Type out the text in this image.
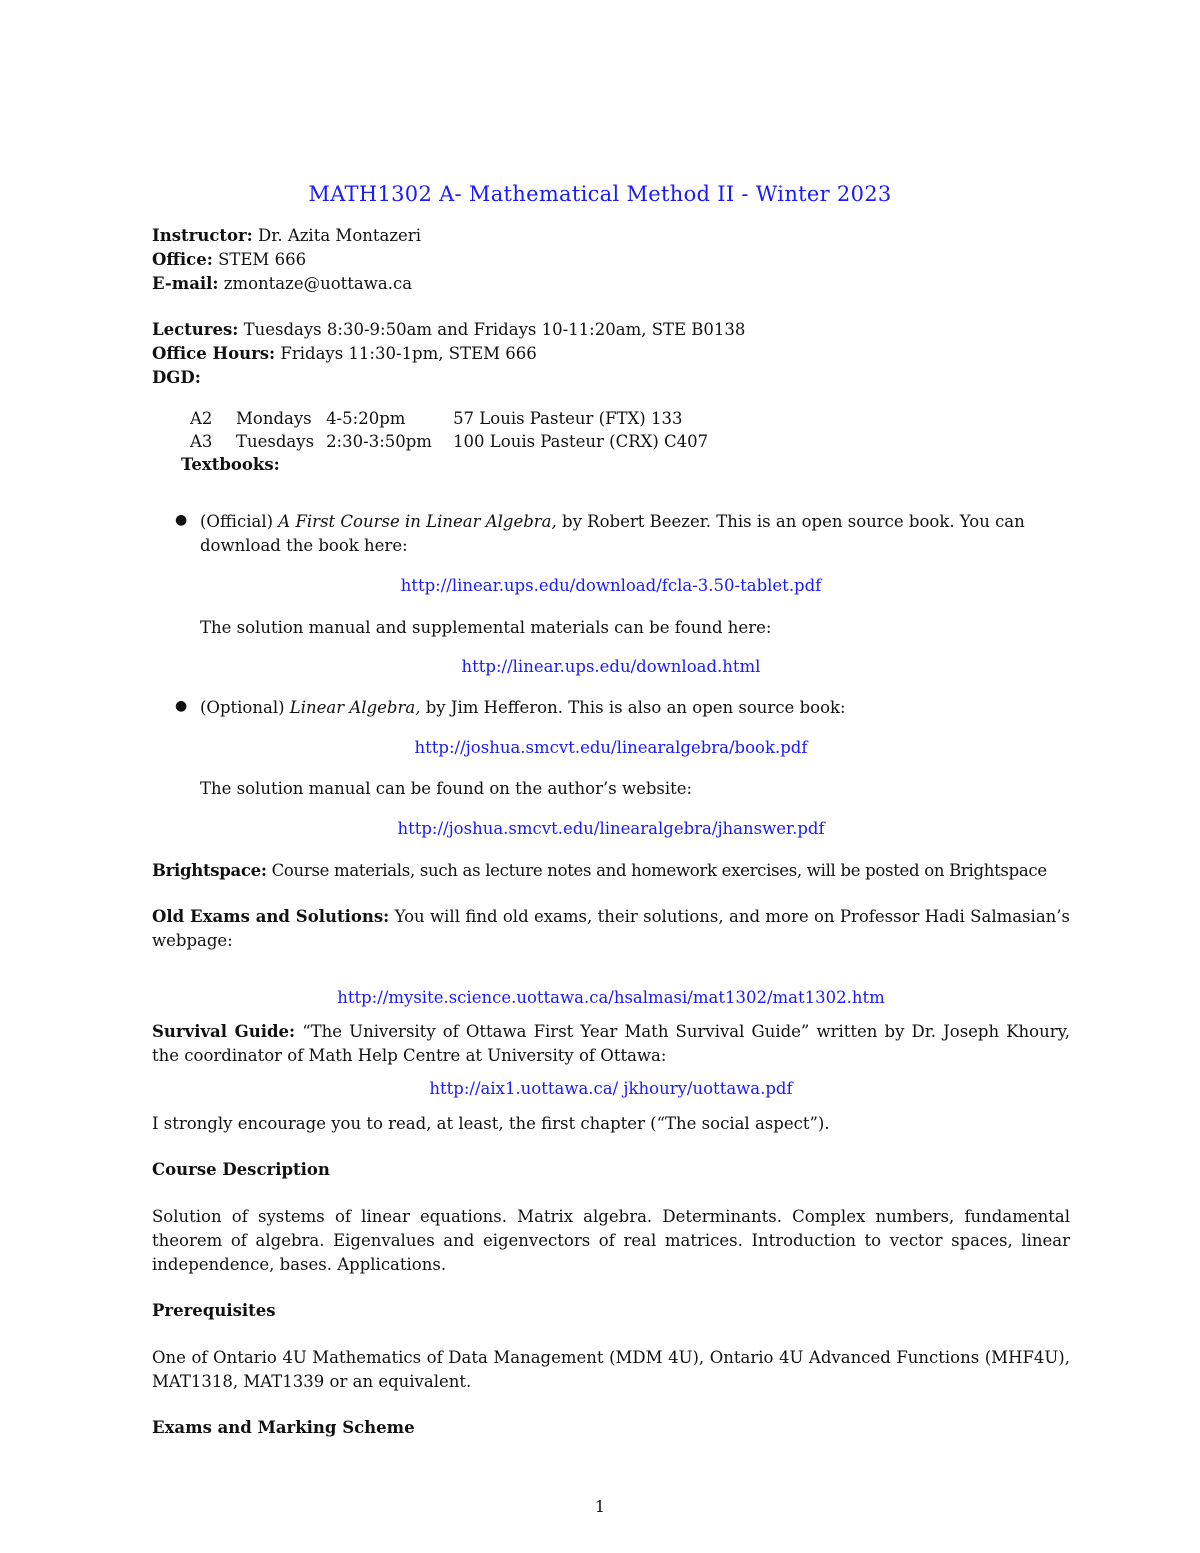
MATH1302 A- Mathematical Method II - Winter 2023
Instructor: Dr. Azita Montazeri
Office: STEM 666
E-mail: zmontaze@uottawa.ca
Lectures: Tuesdays 8:30-9:50am and Fridays 10-11:20am, STE B0138
Office Hours: Fridays 11:30-1pm, STEM 666
DGD:
A2	Mondays	4-5:20pm	57 Louis Pasteur (FTX) 133
A3	Tuesdays	2:30-3:50pm	100 Louis Pasteur (CRX) C407
Textbooks:
● (Official) A First Course in Linear Algebra, by Robert Beezer. This is an open source book. You can
download the book here:
http://linear.ups.edu/download/fcla-3.50-tablet.pdf
The solution manual and supplemental materials can be found here:
http://linear.ups.edu/download.html
● (Optional) Linear Algebra, by Jim Hefferon. This is also an open source book:
http://joshua.smcvt.edu/linearalgebra/book.pdf
The solution manual can be found on the author’s website:
http://joshua.smcvt.edu/linearalgebra/jhanswer.pdf
Brightspace: Course materials, such as lecture notes and homework exercises, will be posted on Brightspace
Old Exams and Solutions: You will find old exams, their solutions, and more on Professor Hadi Salmasian’s webpage:
http://mysite.science.uottawa.ca/hsalmasi/mat1302/mat1302.htm
Survival Guide: “The University of Ottawa First Year Math Survival Guide” written by Dr. Joseph Khoury, the coordinator of Math Help Centre at University of Ottawa:
http://aix1.uottawa.ca/ jkhoury/uottawa.pdf
I strongly encourage you to read, at least, the first chapter (“The social aspect”).
Course Description
Solution of systems of linear equations. Matrix algebra. Determinants. Complex numbers, fundamental theorem of algebra. Eigenvalues and eigenvectors of real matrices. Introduction to vector spaces, linear independence, bases. Applications.
Prerequisites
One of Ontario 4U Mathematics of Data Management (MDM 4U), Ontario 4U Advanced Functions (MHF4U), MAT1318, MAT1339 or an equivalent.
Exams and Marking Scheme
1
